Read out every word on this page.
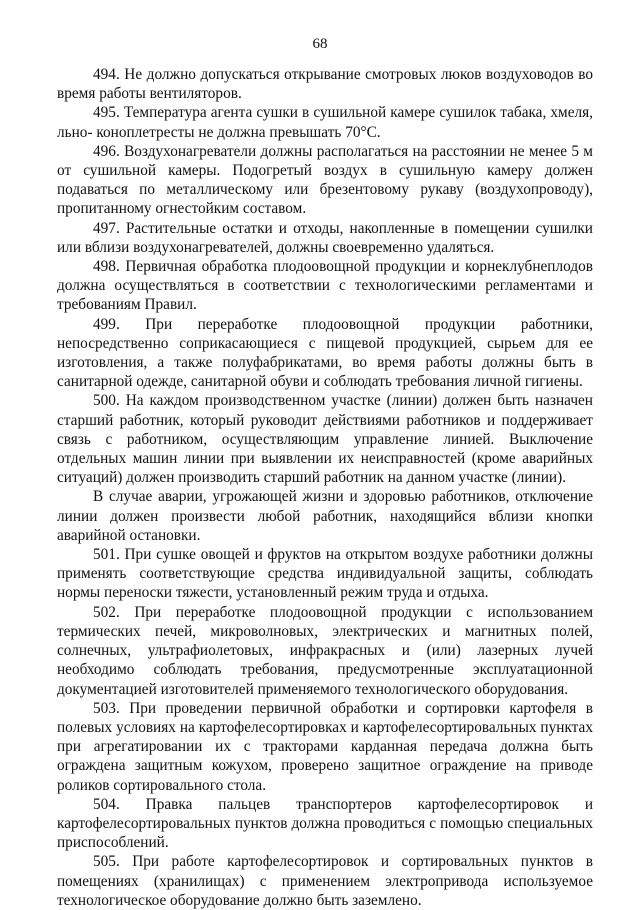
68

494. Не должно допускаться открывание смотровых люков воздуховодов во время работы вентиляторов.

495. Температура агента сушки в сушильной камере сушилок табака, хмеля, льно- коноплетресты не должна превышать 70°С.

496. Воздухонагреватели должны располагаться на расстоянии не менее 5 м от сушильной камеры. Подогретый воздух в сушильную камеру должен подаваться по металлическому или брезентовому рукаву (воздухопроводу), пропитанному огнестойким составом.

497. Растительные остатки и отходы, накопленные в помещении сушилки или вблизи воздухонагревателей, должны своевременно удаляться.

498. Первичная обработка плодоовощной продукции и корнеклубнеплодов должна осуществляться в соответствии с технологическими регламентами и требованиям Правил.

499. При переработке плодоовощной продукции работники, непосредственно соприкасающиеся с пищевой продукцией, сырьем для ее изготовления, а также полуфабрикатами, во время работы должны быть в санитарной одежде, санитарной обуви и соблюдать требования личной гигиены.

500. На каждом производственном участке (линии) должен быть назначен старший работник, который руководит действиями работников и поддерживает связь с работником, осуществляющим управление линией. Выключение отдельных машин линии при выявлении их неисправностей (кроме аварийных ситуаций) должен производить старший работник на данном участке (линии).

В случае аварии, угрожающей жизни и здоровью работников, отключение линии должен произвести любой работник, находящийся вблизи кнопки аварийной остановки.

501. При сушке овощей и фруктов на открытом воздухе работники должны применять соответствующие средства индивидуальной защиты, соблюдать нормы переноски тяжести, установленный режим труда и отдыха.

502. При переработке плодоовощной продукции с использованием термических печей, микроволновых, электрических и магнитных полей, солнечных, ультрафиолетовых, инфракрасных и (или) лазерных лучей необходимо соблюдать требования, предусмотренные эксплуатационной документацией изготовителей применяемого технологического оборудования.

503. При проведении первичной обработки и сортировки картофеля в полевых условиях на картофелесортировках и картофелесортировальных пунктах при агрегатировании их с тракторами карданная передача должна быть ограждена защитным кожухом, проверено защитное ограждение на приводе роликов сортировального стола.

504. Правка пальцев транспортеров картофелесортировок и картофелесортировальных пунктов должна проводиться с помощью специальных приспособлений.

505. При работе картофелесортировок и сортировальных пунктов в помещениях (хранилищах) с применением электропривода используемое технологическое оборудование должно быть заземлено.
